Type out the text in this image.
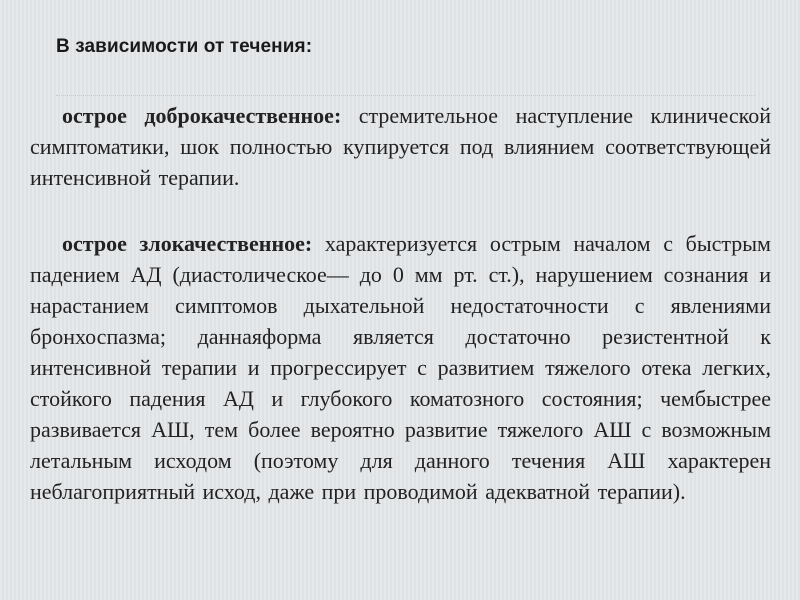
В зависимости от течения:

острое доброкачественное: стремительное наступление клинической симптоматики, шок полностью купируется под влиянием соответствующей интенсивной терапии.

острое злокачественное: характеризуется острым началом с быстрым падением АД (диастолическое— до 0 мм рт. ст.), нарушением сознания и нарастанием симптомов дыхательной недостаточности с явлениями бронхоспазма; даннаяформа является достаточно резистентной к интенсивной терапии и прогрессирует с развитием тяжелого отека легких, стойкого падения АД и глубокого коматозного состояния; чембыстрее развивается АШ, тем более вероятно развитие тяжелого АШ с возможным летальным исходом (поэтому для данного течения АШ характерен неблагоприятный исход, даже при проводимой адекватной терапии).
